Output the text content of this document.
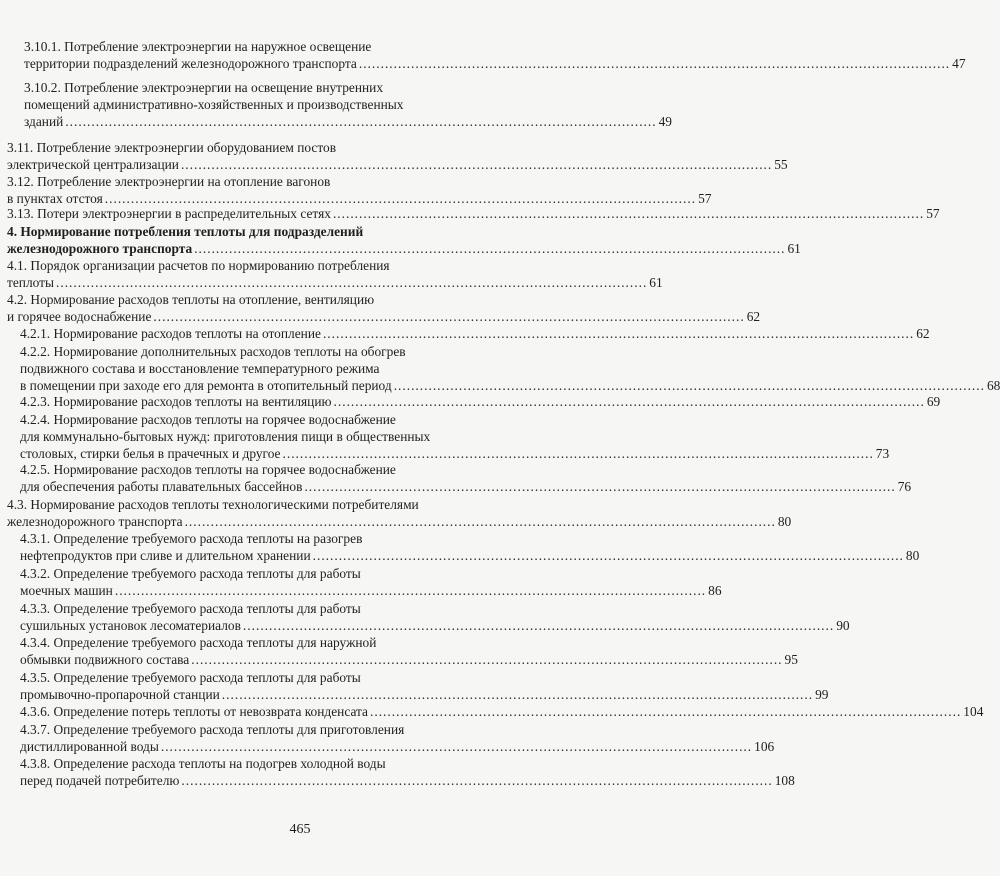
3.10.1. Потребление электроэнергии на наружное освещение
территории подразделений железнодорожного транспорта ........................................................................................................................................ 47
3.10.2. Потребление электроэнергии на освещение внутренних
помещений административно-хозяйственных и производственных
зданий ........................................................................................................................................ 49
3.11. Потребление электроэнергии оборудованием постов
электрической централизации ........................................................................................................................................ 55
3.12. Потребление электроэнергии на отопление вагонов
в пунктах отстоя ........................................................................................................................................ 57
3.13. Потери электроэнергии в распределительных сетях ........................................................................................................................................ 57
4. Нормирование потребления теплоты для подразделений
железнодорожного транспорта ........................................................................................................................................ 61
4.1. Порядок организации расчетов по нормированию потребления
теплоты ........................................................................................................................................ 61
4.2. Нормирование расходов теплоты на отопление, вентиляцию
и горячее водоснабжение ........................................................................................................................................ 62
4.2.1. Нормирование расходов теплоты на отопление ........................................................................................................................................ 62
4.2.2. Нормирование дополнительных расходов теплоты на обогрев
подвижного состава и восстановление температурного режима
в помещении при заходе его для ремонта в отопительный период ........................................................................................................................................ 68
4.2.3. Нормирование расходов теплоты на вентиляцию ........................................................................................................................................ 69
4.2.4. Нормирование расходов теплоты на горячее водоснабжение
для коммунально-бытовых нужд: приготовления пищи в общественных
столовых, стирки белья в прачечных и другое ........................................................................................................................................ 73
4.2.5. Нормирование расходов теплоты на горячее водоснабжение
для обеспечения работы плавательных бассейнов ........................................................................................................................................ 76
4.3. Нормирование расходов теплоты технологическими потребителями
железнодорожного транспорта ........................................................................................................................................ 80
4.3.1. Определение требуемого расхода теплоты на разогрев
нефтепродуктов при сливе и длительном хранении ........................................................................................................................................ 80
4.3.2. Определение требуемого расхода теплоты для работы
моечных машин ........................................................................................................................................ 86
4.3.3. Определение требуемого расхода теплоты для работы
сушильных установок лесоматериалов ........................................................................................................................................ 90
4.3.4. Определение требуемого расхода теплоты для наружной
обмывки подвижного состава ........................................................................................................................................ 95
4.3.5. Определение требуемого расхода теплоты для работы
промывочно-пропарочной станции ........................................................................................................................................ 99
4.3.6. Определение потерь теплоты от невозврата конденсата ........................................................................................................................................ 104
4.3.7. Определение требуемого расхода теплоты для приготовления
дистиллированной воды ........................................................................................................................................ 106
4.3.8. Определение расхода теплоты на подогрев холодной воды
перед подачей потребителю ........................................................................................................................................ 108
465
